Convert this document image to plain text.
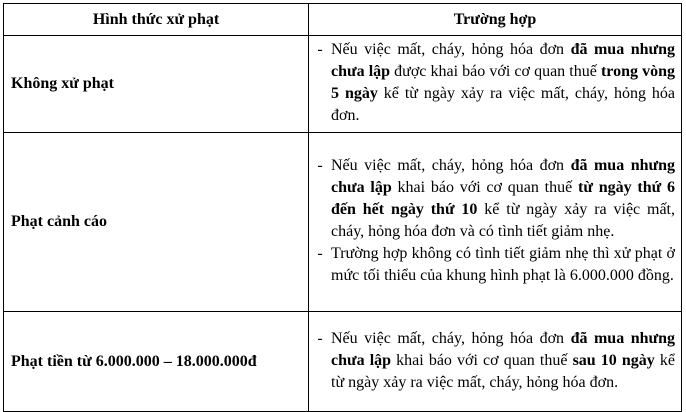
Hình thức xử phạt	Trường hợp
Không xử phạt	- Nếu việc mất, cháy, hỏng hóa đơn đã mua nhưng chưa lập được khai báo với cơ quan thuế trong vòng 5 ngày kể từ ngày xảy ra việc mất, cháy, hỏng hóa đơn.

Phạt cảnh cáo	- Nếu việc mất, cháy, hỏng hóa đơn đã mua nhưng chưa lập khai báo với cơ quan thuế từ ngày thứ 6 đến hết ngày thứ 10 kể từ ngày xảy ra việc mất, cháy, hỏng hóa đơn và có tình tiết giảm nhẹ.
- Trường hợp không có tình tiết giảm nhẹ thì xử phạt ở mức tối thiểu của khung hình phạt là 6.000.000 đồng.

Phạt tiền từ 6.000.000 – 18.000.000đ	- Nếu việc mất, cháy, hỏng hóa đơn đã mua nhưng chưa lập khai báo với cơ quan thuế sau 10 ngày kể từ ngày xảy ra việc mất, cháy, hỏng hóa đơn.
